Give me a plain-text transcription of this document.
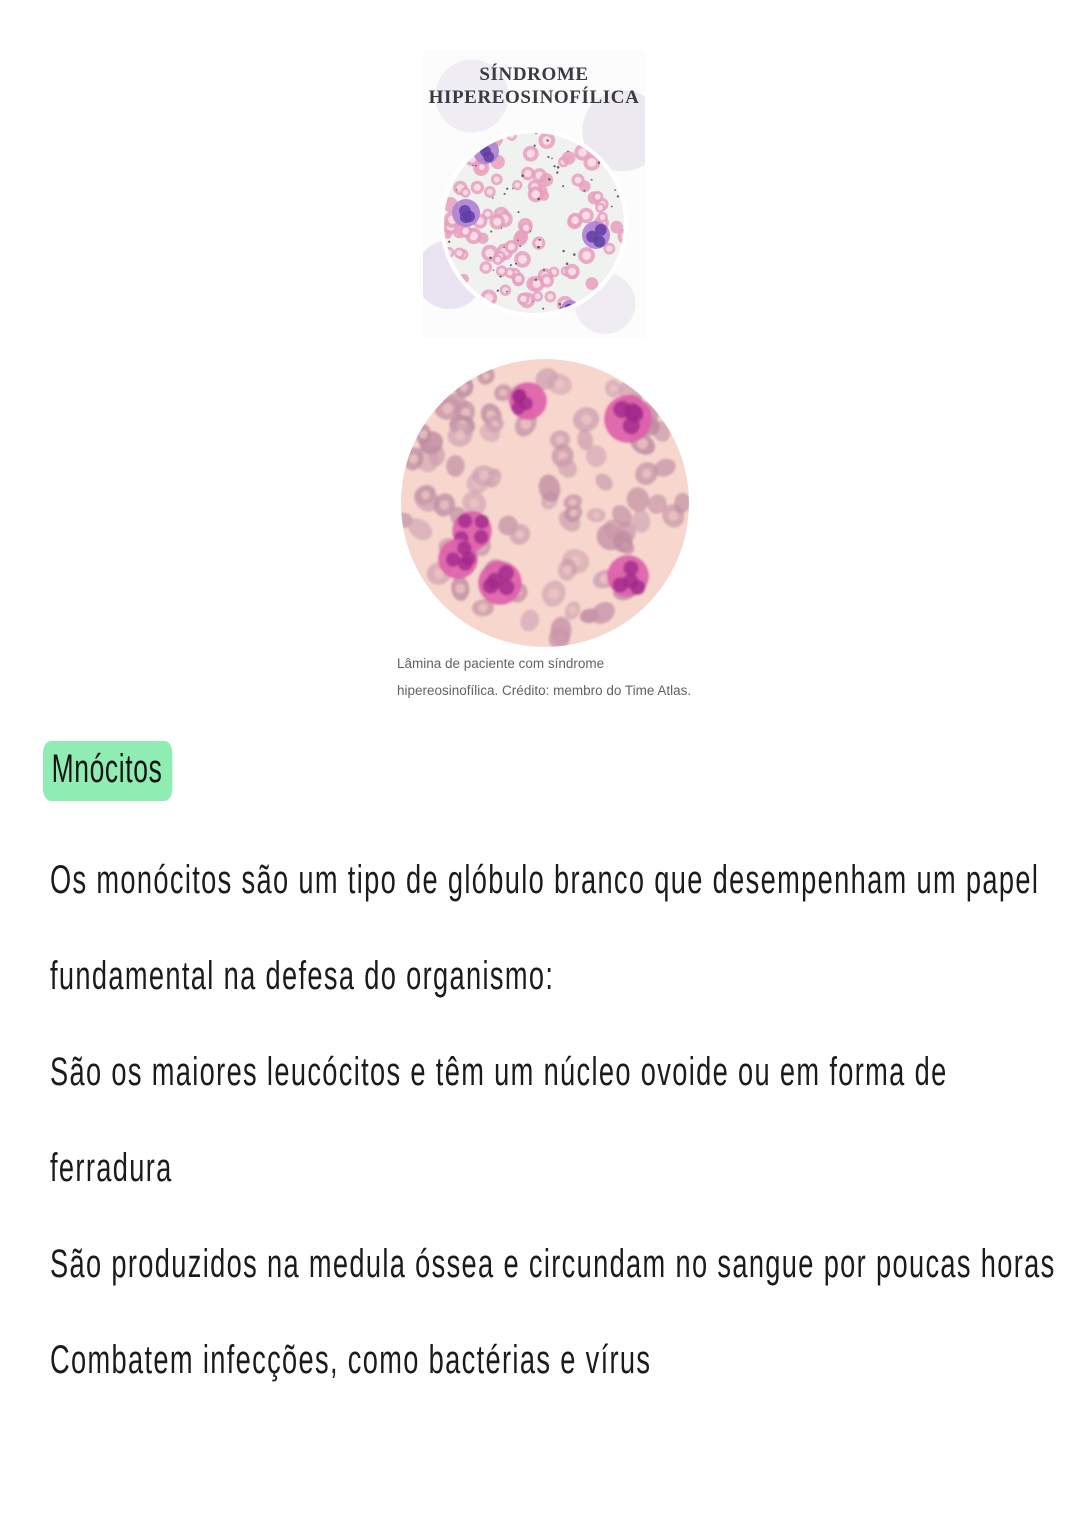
SÍNDROME
HIPEREOSINOFÍLICA
Lâmina de paciente com síndrome
hipereosinofílica. Crédito: membro do Time Atlas.
Mnócitos
Os monócitos são um tipo de glóbulo branco que desempenham um papel
fundamental na defesa do organismo:
São os maiores leucócitos e têm um núcleo ovoide ou em forma de
ferradura
São produzidos na medula óssea e circundam no sangue por poucas horas
Combatem infecções, como bactérias e vírus
